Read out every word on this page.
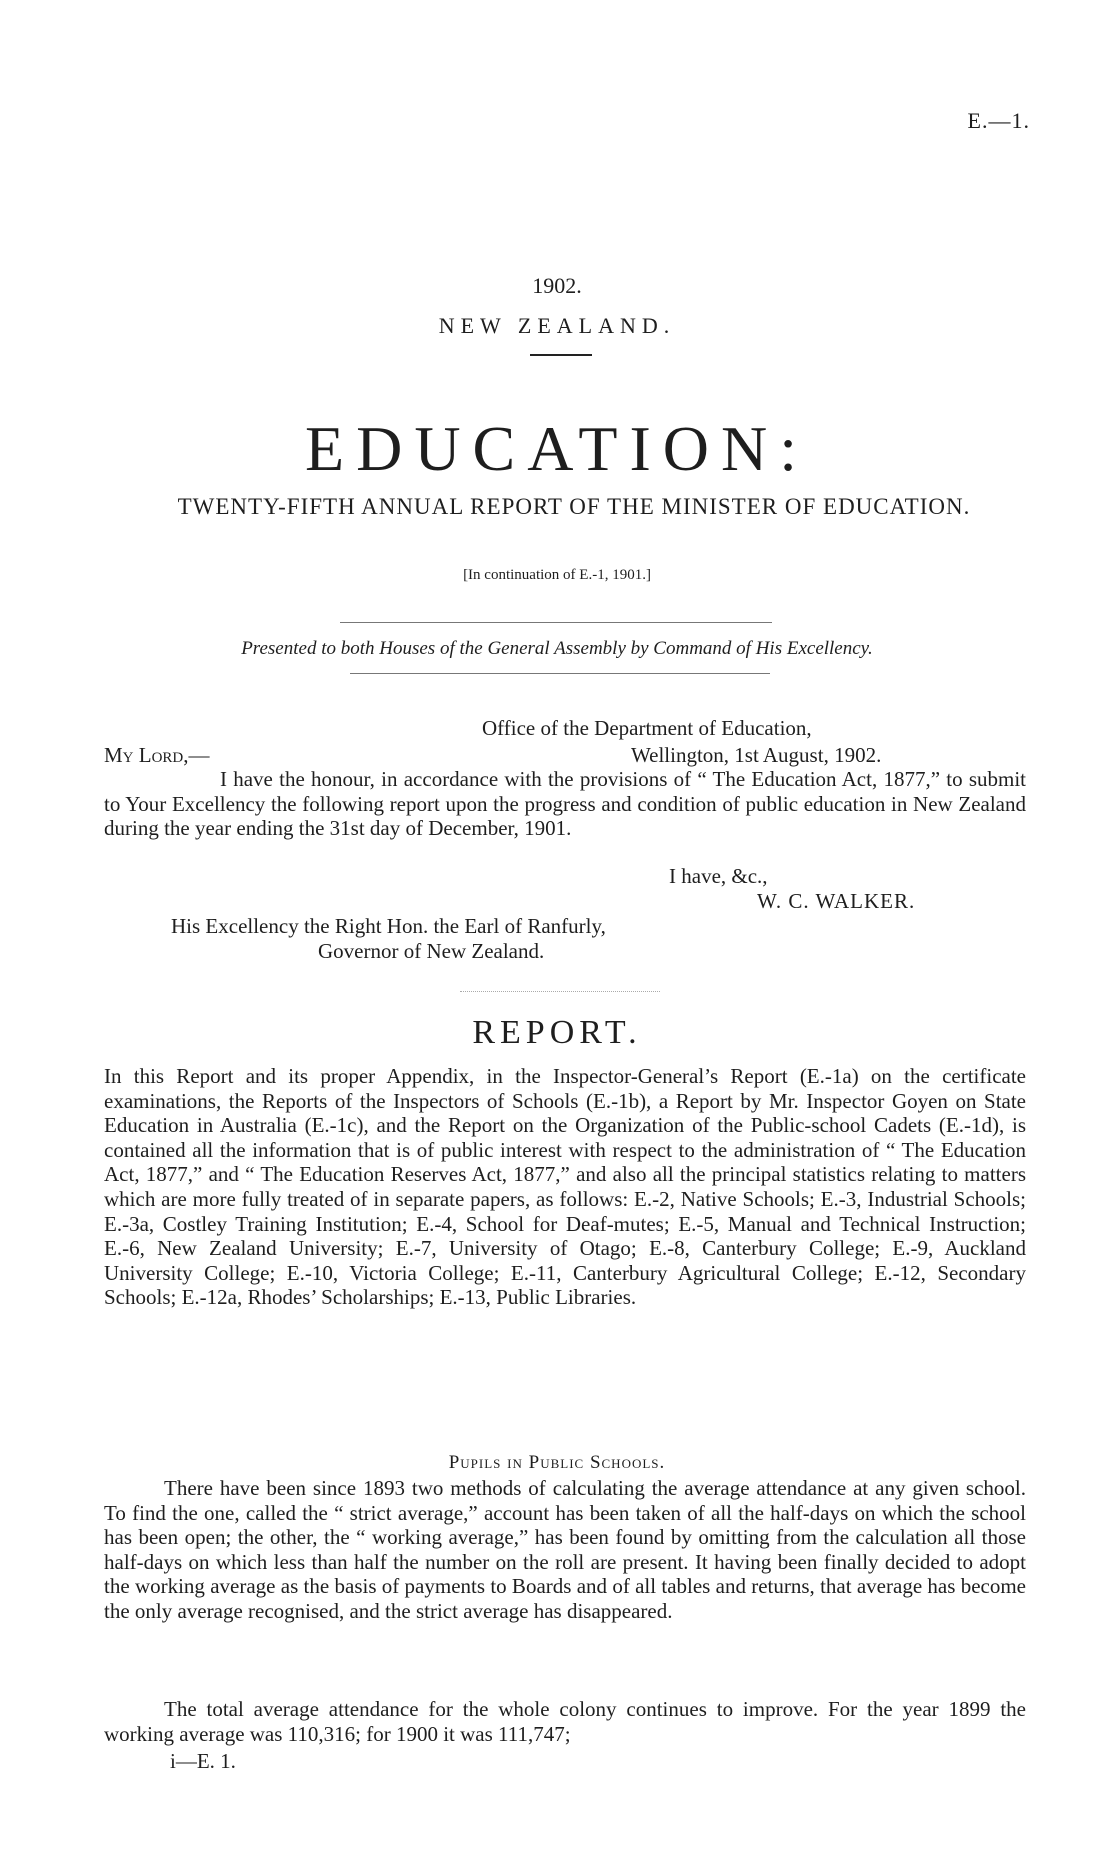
E.—1.
1902.
NEW ZEALAND.
EDUCATION:
TWENTY-FIFTH ANNUAL REPORT OF THE MINISTER OF EDUCATION.
[In continuation of E.-1, 1901.]
Presented to both Houses of the General Assembly by Command of His Excellency.
Office of the Department of Education,
My Lord,—	Wellington, 1st August, 1902.
I have the honour, in accordance with the provisions of “ The Education Act, 1877,” to submit to Your Excellency the following report upon the progress and condition of public education in New Zealand during the year ending the 31st day of December, 1901.
I have, &c.,
W. C. WALKER.
His Excellency the Right Hon. the Earl of Ranfurly,
Governor of New Zealand.
REPORT.
In this Report and its proper Appendix, in the Inspector-General’s Report (E.-1a) on the certificate examinations, the Reports of the Inspectors of Schools (E.-1b), a Report by Mr. Inspector Goyen on State Education in Australia (E.-1c), and the Report on the Organization of the Public-school Cadets (E.-1d), is contained all the information that is of public interest with respect to the administration of “ The Education Act, 1877,” and “ The Education Reserves Act, 1877,” and also all the principal statistics relating to matters which are more fully treated of in separate papers, as follows: E.-2, Native Schools; E.-3, Industrial Schools; E.-3a, Costley Training Institution; E.-4, School for Deaf-mutes; E.-5, Manual and Technical Instruction; E.-6, New Zealand University; E.-7, University of Otago; E.-8, Canterbury College; E.-9, Auckland University College; E.-10, Victoria College; E.-11, Canterbury Agricultural College; E.-12, Secondary Schools; E.-12a, Rhodes’ Scholarships; E.-13, Public Libraries.
Pupils in Public Schools.
There have been since 1893 two methods of calculating the average attendance at any given school. To find the one, called the “ strict average,” account has been taken of all the half-days on which the school has been open; the other, the “ working average,” has been found by omitting from the calculation all those half-days on which less than half the number on the roll are present. It having been finally decided to adopt the working average as the basis of payments to Boards and of all tables and returns, that average has become the only average recognised, and the strict average has disappeared.
The total average attendance for the whole colony continues to improve. For the year 1899 the working average was 110,316; for 1900 it was 111,747;
i—E. 1.
